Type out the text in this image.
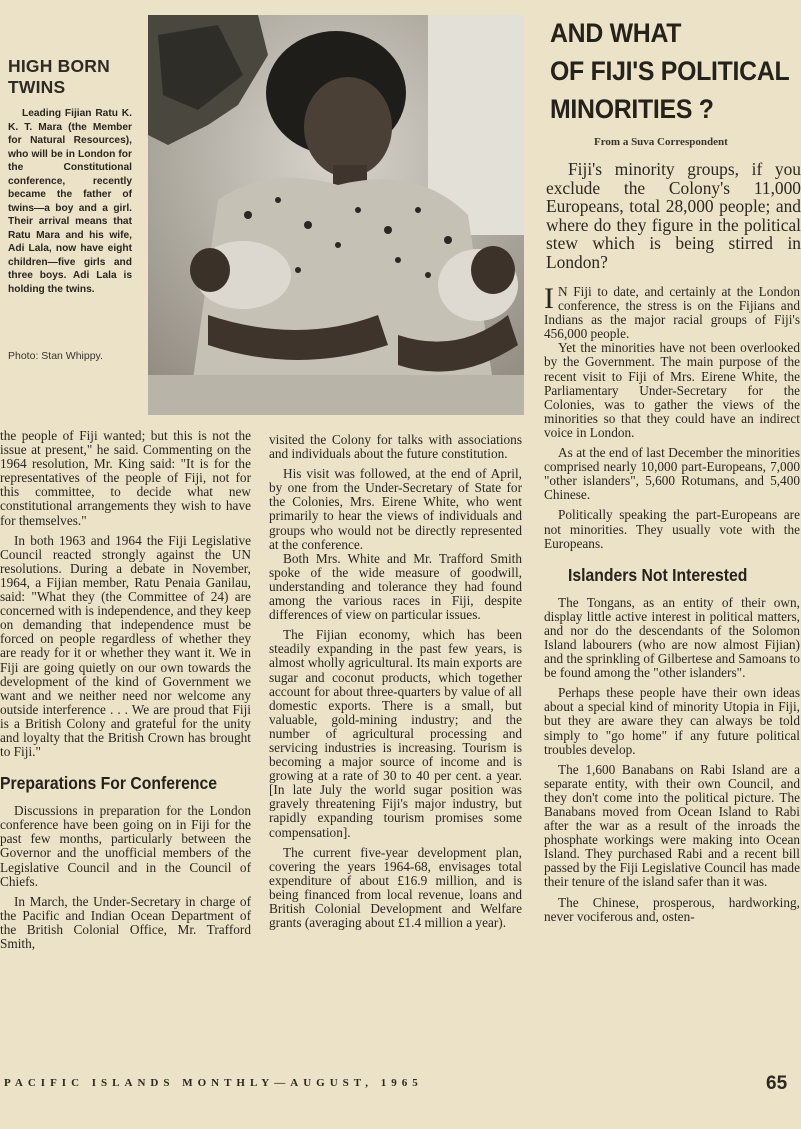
HIGH BORN TWINS
Leading Fijian Ratu K. K. T. Mara (the Member for Natural Resources), who will be in London for the Constitutional conference, recently became the father of twins—a boy and a girl. Their arrival means that Ratu Mara and his wife, Adi Lala, now have eight children—five girls and three boys. Adi Lala is holding the twins.
Photo: Stan Whippy.
AND WHAT
OF FIJI'S POLITICAL
MINORITIES ?
From a Suva Correspondent

Fiji's minority groups, if you exclude the Colony's 11,000 Europeans, total 28,000 people; and where do they figure in the political stew which is being stirred in London?

the people of Fiji wanted; but this is not the issue at present," he said. Commenting on the 1964 resolution, Mr. King said: "It is for the representatives of the people of Fiji, not for this committee, to decide what new constitutional arrangements they wish to have for themselves."

In both 1963 and 1964 the Fiji Legislative Council reacted strongly against the UN resolutions. During a debate in November, 1964, a Fijian member, Ratu Penaia Ganilau, said: "What they (the Committee of 24) are concerned with is independence, and they keep on demanding that independence must be forced on people regardless of whether they are ready for it or whether they want it. We in Fiji are going quietly on our own towards the development of the kind of Government we want and we neither need nor welcome any outside interference . . . We are proud that Fiji is a British Colony and grateful for the unity and loyalty that the British Crown has brought to Fiji."

Preparations For Conference

Discussions in preparation for the London conference have been going on in Fiji for the past few months, particularly between the Governor and the unofficial members of the Legislative Council and in the Council of Chiefs.

In March, the Under-Secretary in charge of the Pacific and Indian Ocean Department of the British Colonial Office, Mr. Trafford Smith,

visited the Colony for talks with associations and individuals about the future constitution.

His visit was followed, at the end of April, by one from the Under-Secretary of State for the Colonies, Mrs. Eirene White, who went primarily to hear the views of individuals and groups who would not be directly represented at the conference.

Both Mrs. White and Mr. Trafford Smith spoke of the wide measure of goodwill, understanding and tolerance they had found among the various races in Fiji, despite differences of view on particular issues.

The Fijian economy, which has been steadily expanding in the past few years, is almost wholly agricultural. Its main exports are sugar and coconut products, which together account for about three-quarters by value of all domestic exports. There is a small, but valuable, gold-mining industry; and the number of agricultural processing and servicing industries is increasing. Tourism is becoming a major source of income and is growing at a rate of 30 to 40 per cent. a year. [In late July the world sugar position was gravely threatening Fiji's major industry, but rapidly expanding tourism promises some compensation].

The current five-year development plan, covering the years 1964-68, envisages total expenditure of about £16.9 million, and is being financed from local revenue, loans and British Colonial Development and Welfare grants (averaging about £1.4 million a year).

IN Fiji to date, and certainly at the London conference, the stress is on the Fijians and Indians as the major racial groups of Fiji's 456,000 people.

Yet the minorities have not been overlooked by the Government. The main purpose of the recent visit to Fiji of Mrs. Eirene White, the Parliamentary Under-Secretary for the Colonies, was to gather the views of the minorities so that they could have an indirect voice in London.

As at the end of last December the minorities comprised nearly 10,000 part-Europeans, 7,000 "other islanders", 5,600 Rotumans, and 5,400 Chinese.

Politically speaking the part-Europeans are not minorities. They usually vote with the Europeans.

Islanders Not Interested

The Tongans, as an entity of their own, display little active interest in political matters, and nor do the descendants of the Solomon Island labourers (who are now almost Fijian) and the sprinkling of Gilbertese and Samoans to be found among the "other islanders".

Perhaps these people have their own ideas about a special kind of minority Utopia in Fiji, but they are aware they can always be told simply to "go home" if any future political troubles develop.

The 1,600 Banabans on Rabi Island are a separate entity, with their own Council, and they don't come into the political picture. The Banabans moved from Ocean Island to Rabi after the war as a result of the inroads the phosphate workings were making into Ocean Island. They purchased Rabi and a recent bill passed by the Fiji Legislative Council has made their tenure of the island safer than it was.

The Chinese, prosperous, hardworking, never vociferous and, osten-

PACIFIC ISLANDS MONTHLY—AUGUST, 1965	65
